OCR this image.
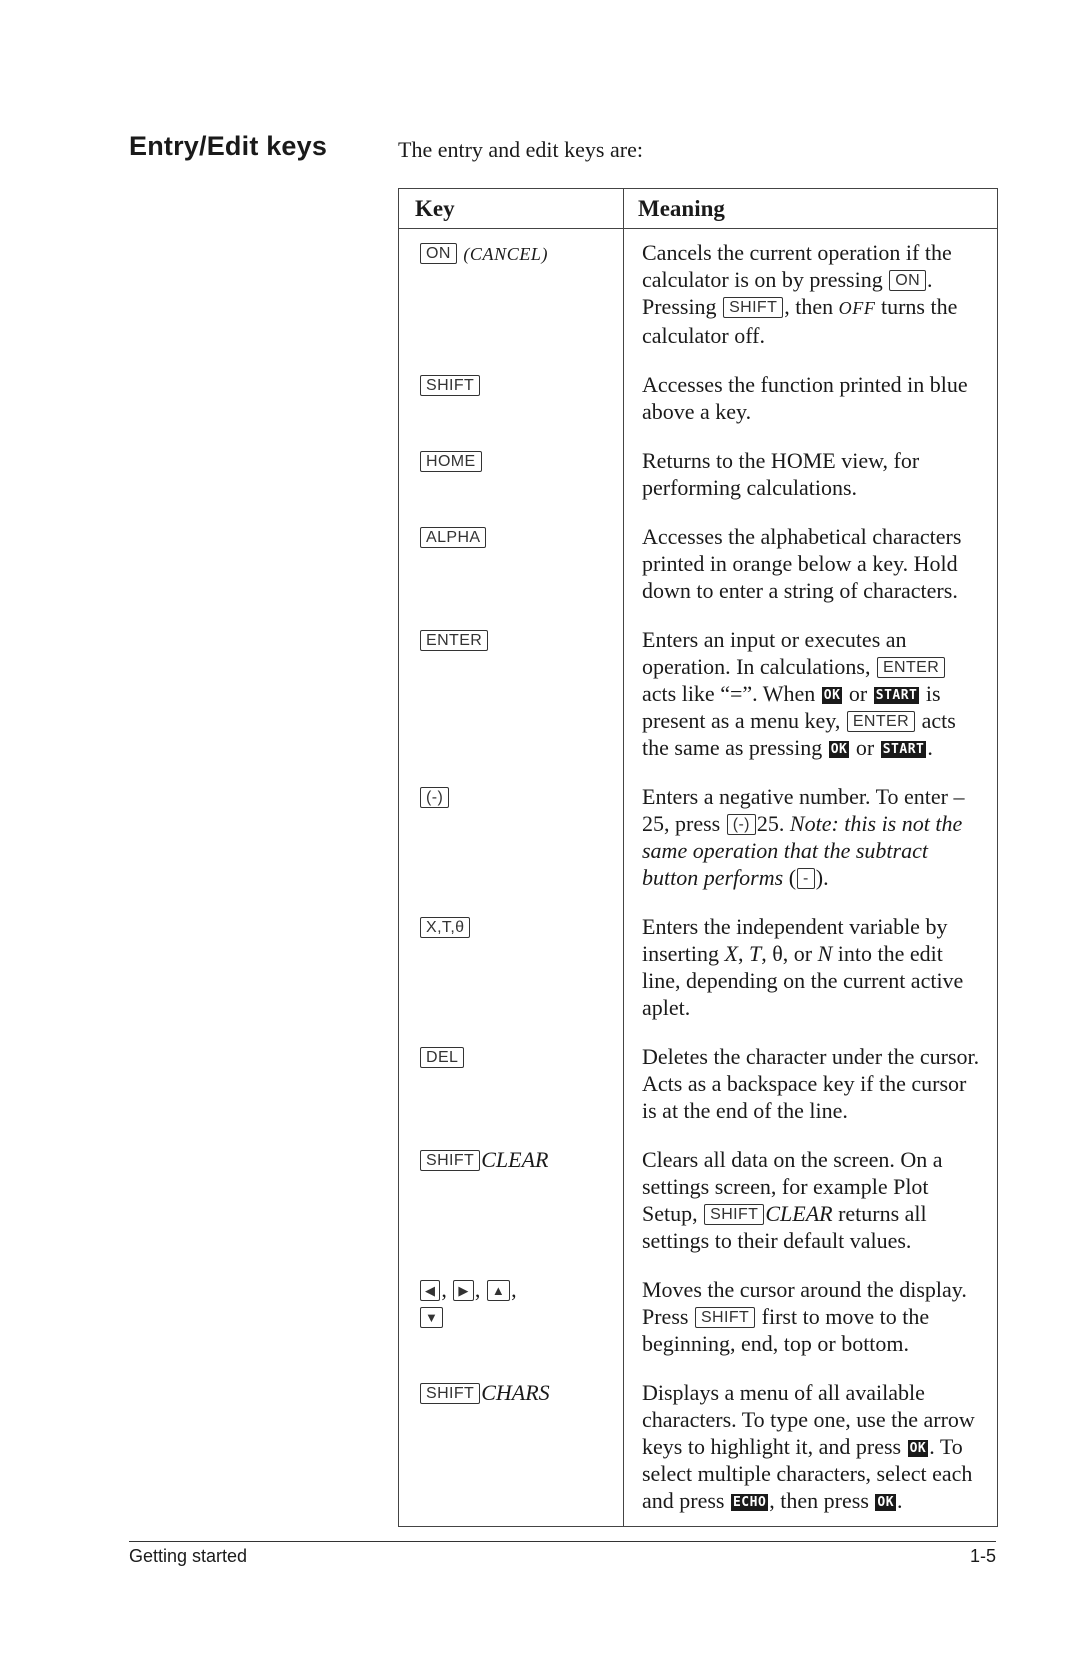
Entry/Edit keys	The entry and edit keys are:
Key	Meaning
ON (CANCEL)	Cancels the current operation if the calculator is on by pressing ON . Pressing SHIFT , then OFF turns the calculator off.
SHIFT	Accesses the function printed in blue above a key.
HOME	Returns to the HOME view, for performing calculations.
ALPHA	Accesses the alphabetical characters printed in orange below a key. Hold down to enter a string of characters.
ENTER	Enters an input or executes an operation. In calculations, ENTER acts like “=”. When OK or START is present as a menu key, ENTER acts the same as pressing OK or START .
(-)	Enters a negative number. To enter –25, press (-) 25. Note: this is not the same operation that the subtract button performs ( - ).
X,T,θ	Enters the independent variable by inserting X, T, θ, or N into the edit line, depending on the current active aplet.
DEL	Deletes the character under the cursor. Acts as a backspace key if the cursor is at the end of the line.
SHIFT CLEAR	Clears all data on the screen. On a settings screen, for example Plot Setup, SHIFT CLEAR returns all settings to their default values.
◀ , ▶ , ▲ ,
▼	Moves the cursor around the display. Press SHIFT first to move to the beginning, end, top or bottom.
SHIFT CHARS	Displays a menu of all available characters. To type one, use the arrow keys to highlight it, and press OK . To select multiple characters, select each and press ECHO , then press OK .
Getting started	1-5
